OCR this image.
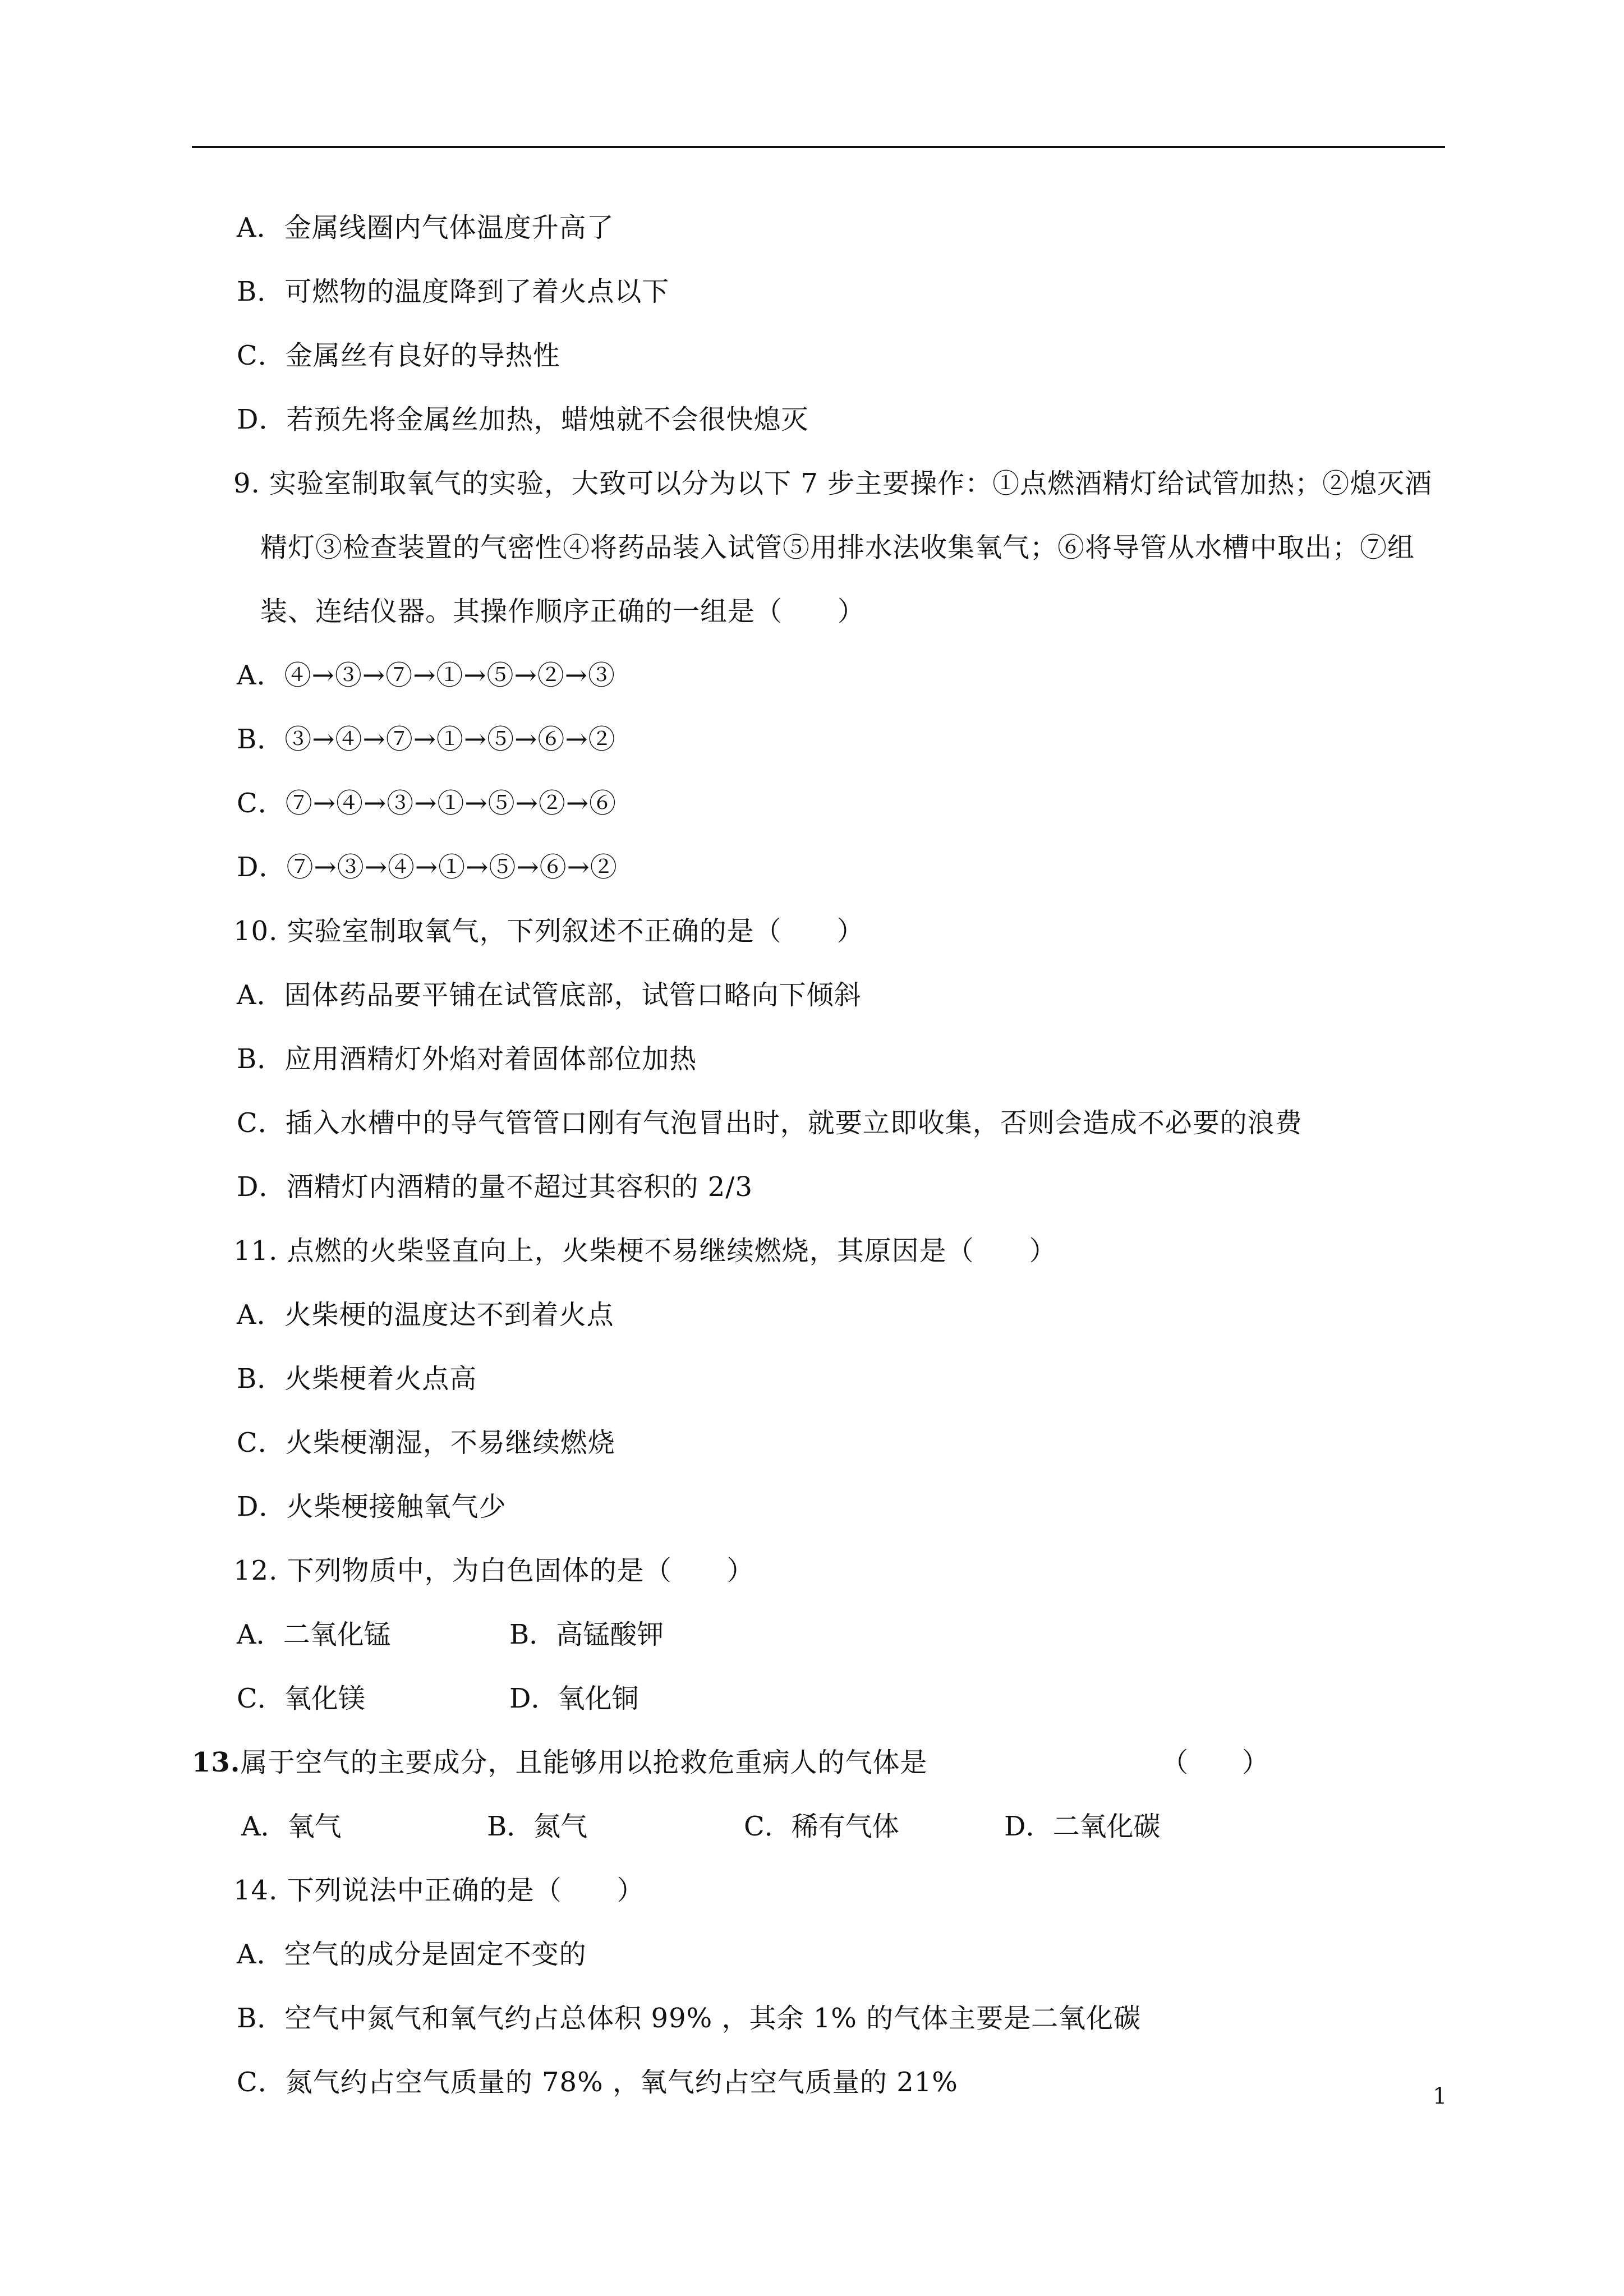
A．金属线圈内气体温度升高了
B．可燃物的温度降到了着火点以下
C．金属丝有良好的导热性
D．若预先将金属丝加热，蜡烛就不会很快熄灭
9. 实验室制取氧气的实验，大致可以分为以下 7 步主要操作：①点燃酒精灯给试管加热；②熄灭酒
精灯③检查装置的气密性④将药品装入试管⑤用排水法收集氧气；⑥将导管从水槽中取出；⑦组
装、连结仪器。其操作顺序正确的一组是（　　）
A．④→③→⑦→①→⑤→②→③
B．③→④→⑦→①→⑤→⑥→②
C．⑦→④→③→①→⑤→②→⑥
D．⑦→③→④→①→⑤→⑥→②
10. 实验室制取氧气，下列叙述不正确的是（　　）
A．固体药品要平铺在试管底部，试管口略向下倾斜
B．应用酒精灯外焰对着固体部位加热
C．插入水槽中的导气管管口刚有气泡冒出时，就要立即收集，否则会造成不必要的浪费
D．酒精灯内酒精的量不超过其容积的 2/3
11. 点燃的火柴竖直向上，火柴梗不易继续燃烧，其原因是（　　）
A．火柴梗的温度达不到着火点
B．火柴梗着火点高
C．火柴梗潮湿，不易继续燃烧
D．火柴梗接触氧气少
12. 下列物质中，为白色固体的是（　　）
A．二氧化锰	B．高锰酸钾
C．氧化镁	D．氧化铜
13.属于空气的主要成分，且能够用以抢救危重病人的气体是	（　　）
A．氧气	B．氮气	C．稀有气体	D．二氧化碳
14. 下列说法中正确的是（　　）
A．空气的成分是固定不变的
B．空气中氮气和氧气约占总体积 99% ，其余 1% 的气体主要是二氧化碳
C．氮气约占空气质量的 78% ，氧气约占空气质量的 21%	1
